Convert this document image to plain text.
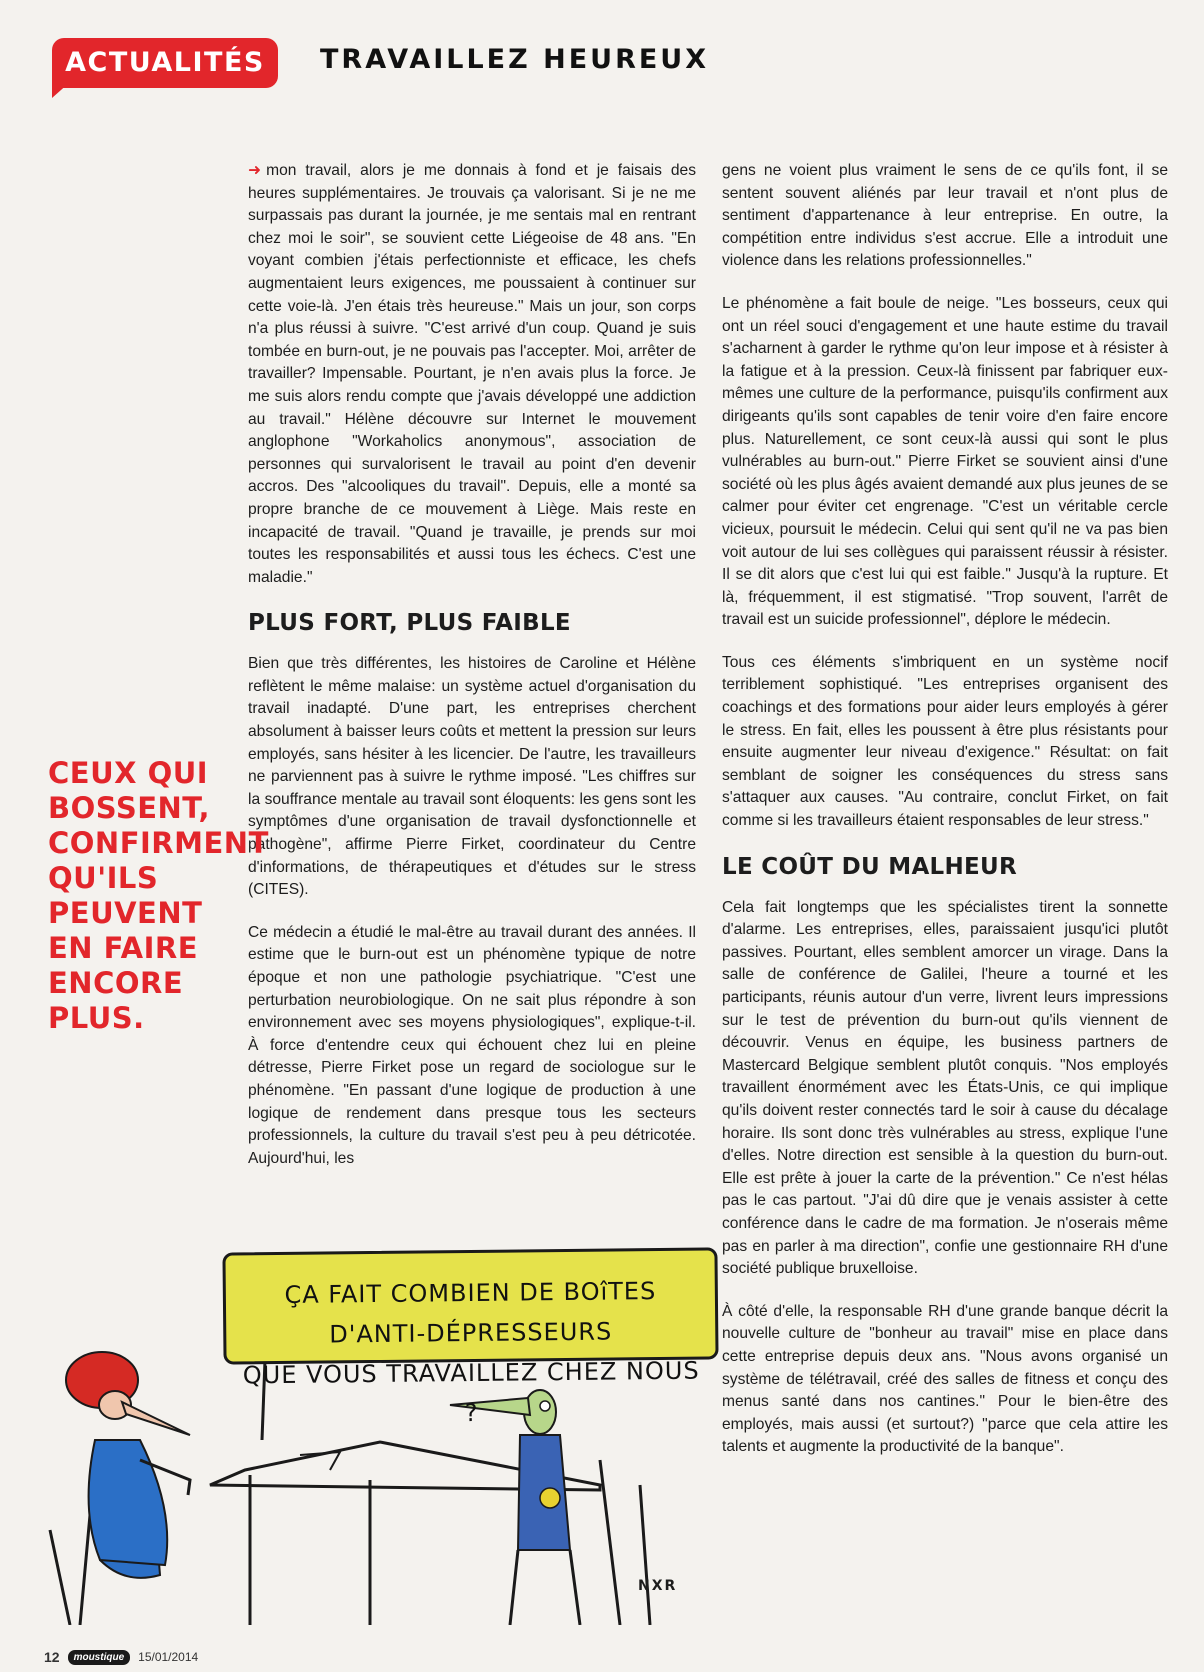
ACTUALITÉS	TRAVAILLEZ HEUREUX

➜ mon travail, alors je me donnais à fond et je faisais des heures supplémentaires. Je trouvais ça valorisant. Si je ne me surpassais pas durant la journée, je me sentais mal en rentrant chez moi le soir", se souvient cette Liégeoise de 48 ans. "En voyant combien j'étais perfectionniste et efficace, les chefs augmentaient leurs exigences, me poussaient à continuer sur cette voie-là. J'en étais très heureuse." Mais un jour, son corps n'a plus réussi à suivre. "C'est arrivé d'un coup. Quand je suis tombée en burn-out, je ne pouvais pas l'accepter. Moi, arrêter de travailler? Impensable. Pourtant, je n'en avais plus la force. Je me suis alors rendu compte que j'avais développé une addiction au travail." Hélène découvre sur Internet le mouvement anglophone "Workaholics anonymous", association de personnes qui survalorisent le travail au point d'en devenir accros. Des "alcooliques du travail". Depuis, elle a monté sa propre branche de ce mouvement à Liège. Mais reste en incapacité de travail. "Quand je travaille, je prends sur moi toutes les responsabilités et aussi tous les échecs. C'est une maladie."

PLUS FORT, PLUS FAIBLE

Bien que très différentes, les histoires de Caroline et Hélène reflètent le même malaise: un système actuel d'organisation du travail inadapté. D'une part, les entreprises cherchent absolument à baisser leurs coûts et mettent la pression sur leurs employés, sans hésiter à les licencier. De l'autre, les travailleurs ne parviennent pas à suivre le rythme imposé. "Les chiffres sur la souffrance mentale au travail sont éloquents: les gens sont les symptômes d'une organisation de travail dysfonctionnelle et pathogène", affirme Pierre Firket, coordinateur du Centre d'informations, de thérapeutiques et d'études sur le stress (CITES).

Ce médecin a étudié le mal-être au travail durant des années. Il estime que le burn-out est un phénomène typique de notre époque et non une pathologie psychiatrique. "C'est une perturbation neurobiologique. On ne sait plus répondre à son environnement avec ses moyens physiologiques", explique-t-il. À force d'entendre ceux qui échouent chez lui en pleine détresse, Pierre Firket pose un regard de sociologue sur le phénomène. "En passant d'une logique de production à une logique de rendement dans presque tous les secteurs professionnels, la culture du travail s'est peu à peu détricotée. Aujourd'hui, les

gens ne voient plus vraiment le sens de ce qu'ils font, il se sentent souvent aliénés par leur travail et n'ont plus de sentiment d'appartenance à leur entreprise. En outre, la compétition entre individus s'est accrue. Elle a introduit une violence dans les relations professionnelles."

Le phénomène a fait boule de neige. "Les bosseurs, ceux qui ont un réel souci d'engagement et une haute estime du travail s'acharnent à garder le rythme qu'on leur impose et à résister à la fatigue et à la pression. Ceux-là finissent par fabriquer eux-mêmes une culture de la performance, puisqu'ils confirment aux dirigeants qu'ils sont capables de tenir voire d'en faire encore plus. Naturellement, ce sont ceux-là aussi qui sont le plus vulnérables au burn-out." Pierre Firket se souvient ainsi d'une société où les plus âgés avaient demandé aux plus jeunes de se calmer pour éviter cet engrenage. "C'est un véritable cercle vicieux, poursuit le médecin. Celui qui sent qu'il ne va pas bien voit autour de lui ses collègues qui paraissent réussir à résister. Il se dit alors que c'est lui qui est faible." Jusqu'à la rupture. Et là, fréquemment, il est stigmatisé. "Trop souvent, l'arrêt de travail est un suicide professionnel", déplore le médecin.

Tous ces éléments s'imbriquent en un système nocif terriblement sophistiqué. "Les entreprises organisent des coachings et des formations pour aider leurs employés à gérer le stress. En fait, elles les poussent à être plus résistants pour ensuite augmenter leur niveau d'exigence." Résultat: on fait semblant de soigner les conséquences du stress sans s'attaquer aux causes. "Au contraire, conclut Firket, on fait comme si les travailleurs étaient responsables de leur stress."

LE COÛT DU MALHEUR

Cela fait longtemps que les spécialistes tirent la sonnette d'alarme. Les entreprises, elles, paraissaient jusqu'ici plutôt passives. Pourtant, elles semblent amorcer un virage. Dans la salle de conférence de Galilei, l'heure a tourné et les participants, réunis autour d'un verre, livrent leurs impressions sur le test de prévention du burn-out qu'ils viennent de découvrir. Venus en équipe, les business partners de Mastercard Belgique semblent plutôt conquis. "Nos employés travaillent énormément avec les États-Unis, ce qui implique qu'ils doivent rester connectés tard le soir à cause du décalage horaire. Ils sont donc très vulnérables au stress, explique l'une d'elles. Notre direction est sensible à la question du burn-out. Elle est prête à jouer la carte de la prévention." Ce n'est hélas pas le cas partout. "J'ai dû dire que je venais assister à cette conférence dans le cadre de ma formation. Je n'oserais même pas en parler à ma direction", confie une gestionnaire RH d'une société publique bruxelloise.

À côté d'elle, la responsable RH d'une grande banque décrit la nouvelle culture de "bonheur au travail" mise en place dans cette entreprise depuis deux ans. "Nous avons organisé un système de télétravail, créé des salles de fitness et conçu des menus santé dans nos cantines." Pour le bien-être des employés, mais aussi (et surtout?) "parce que cela attire les talents et augmente la productivité de la banque".

CEUX QUI BOSSENT, CONFIRMENT QU'ILS PEUVENT EN FAIRE ENCORE PLUS.
ÇA FAIT COMBIEN DE BOîTES D'ANTI-DÉPRESSEURS
QUE VOUS TRAVAILLEZ CHEZ NOUS ?
NXR
12	moustique	15/01/2014
